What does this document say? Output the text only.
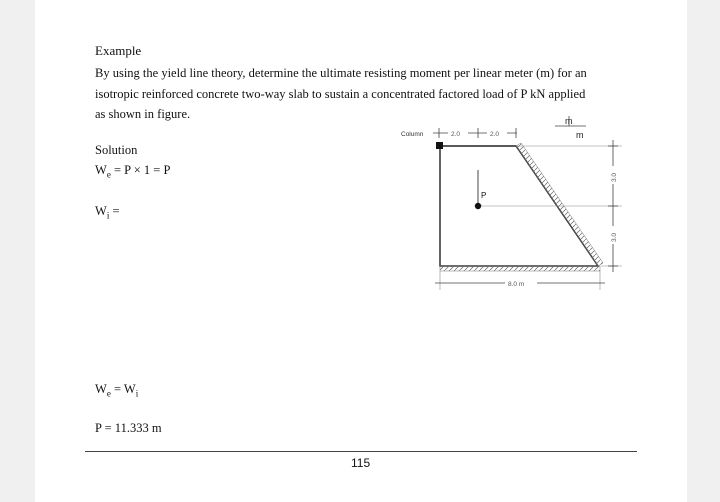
Example
By using the yield line theory, determine the ultimate resisting moment per linear meter (m) for an
isotropic reinforced concrete two-way slab to sustain a concentrated factored load of P kN applied
as shown in figure.
Solution
$W_e = P \times 1 = P$
$W_i$ =
$W_e = W_i$
P = 11.333 m
Column	2.0	2.0
m
m
3.0
3.0
8.0 m
P
115
